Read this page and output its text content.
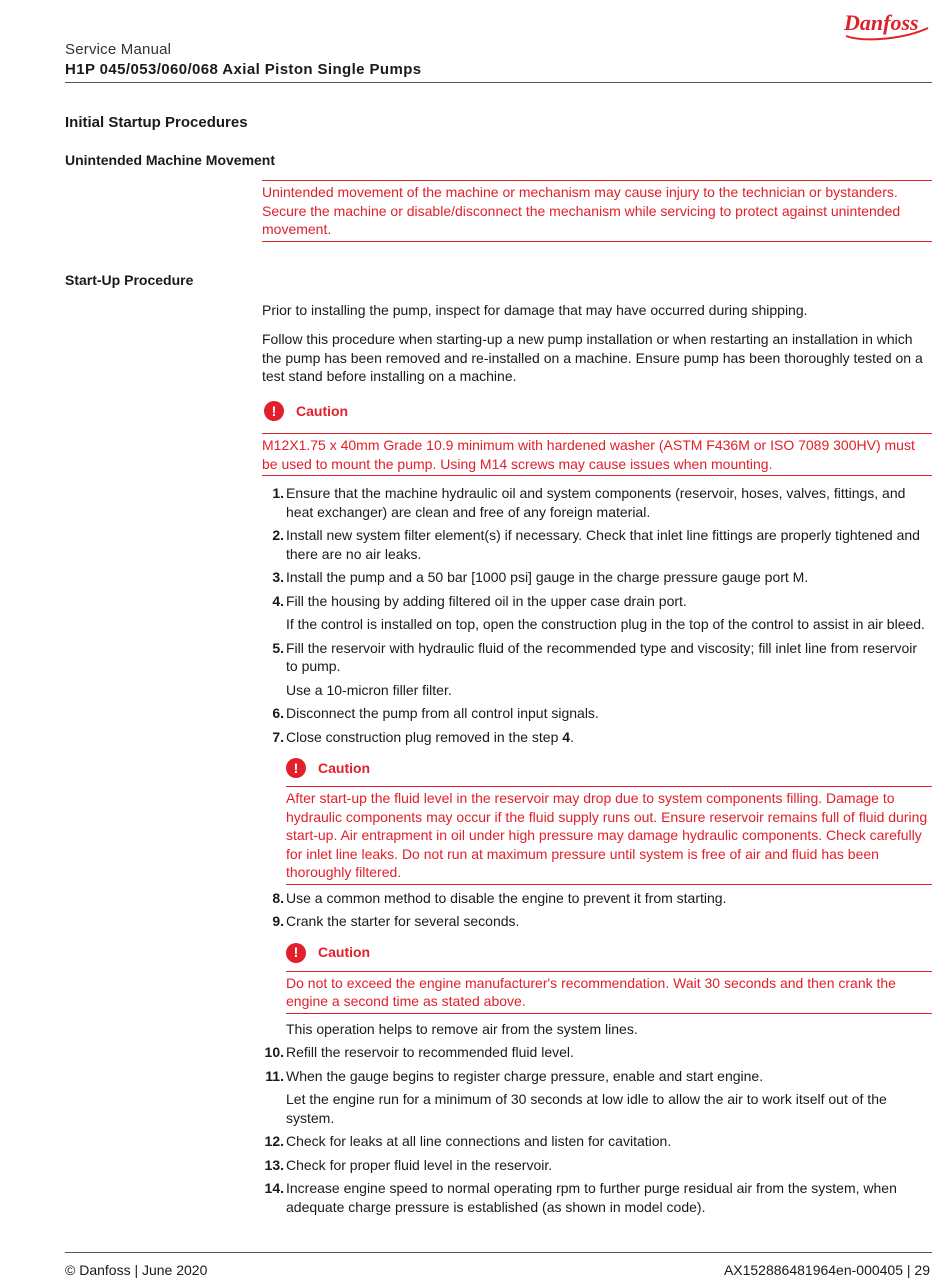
Danfoss
Service Manual
H1P 045/053/060/068 Axial Piston Single Pumps
Initial Startup Procedures
Unintended Machine Movement
Unintended movement of the machine or mechanism may cause injury to the technician or bystanders. Secure the machine or disable/disconnect the mechanism while servicing to protect against unintended movement.
Start-Up Procedure
Prior to installing the pump, inspect for damage that may have occurred during shipping.
Follow this procedure when starting-up a new pump installation or when restarting an installation in which the pump has been removed and re-installed on a machine. Ensure pump has been thoroughly tested on a test stand before installing on a machine.
!	Caution
M12X1.75 x 40mm Grade 10.9 minimum with hardened washer (ASTM F436M or ISO 7089 300HV) must be used to mount the pump. Using M14 screws may cause issues when mounting.
1. Ensure that the machine hydraulic oil and system components (reservoir, hoses, valves, fittings, and heat exchanger) are clean and free of any foreign material.
2. Install new system filter element(s) if necessary. Check that inlet line fittings are properly tightened and there are no air leaks.
3. Install the pump and a 50 bar [1000 psi] gauge in the charge pressure gauge port M.
4. Fill the housing by adding filtered oil in the upper case drain port.
If the control is installed on top, open the construction plug in the top of the control to assist in air bleed.
5. Fill the reservoir with hydraulic fluid of the recommended type and viscosity; fill inlet line from reservoir to pump.
Use a 10-micron filler filter.
6. Disconnect the pump from all control input signals.
7. Close construction plug removed in the step 4.
!	Caution
After start-up the fluid level in the reservoir may drop due to system components filling. Damage to hydraulic components may occur if the fluid supply runs out. Ensure reservoir remains full of fluid during start-up. Air entrapment in oil under high pressure may damage hydraulic components. Check carefully for inlet line leaks. Do not run at maximum pressure until system is free of air and fluid has been thoroughly filtered.
8. Use a common method to disable the engine to prevent it from starting.
9. Crank the starter for several seconds.
!	Caution
Do not to exceed the engine manufacturer's recommendation. Wait 30 seconds and then crank the engine a second time as stated above.
This operation helps to remove air from the system lines.
10. Refill the reservoir to recommended fluid level.
11. When the gauge begins to register charge pressure, enable and start engine.
Let the engine run for a minimum of 30 seconds at low idle to allow the air to work itself out of the system.
12. Check for leaks at all line connections and listen for cavitation.
13. Check for proper fluid level in the reservoir.
14. Increase engine speed to normal operating rpm to further purge residual air from the system, when adequate charge pressure is established (as shown in model code).
© Danfoss | June 2020	AX152886481964en-000405 | 29
